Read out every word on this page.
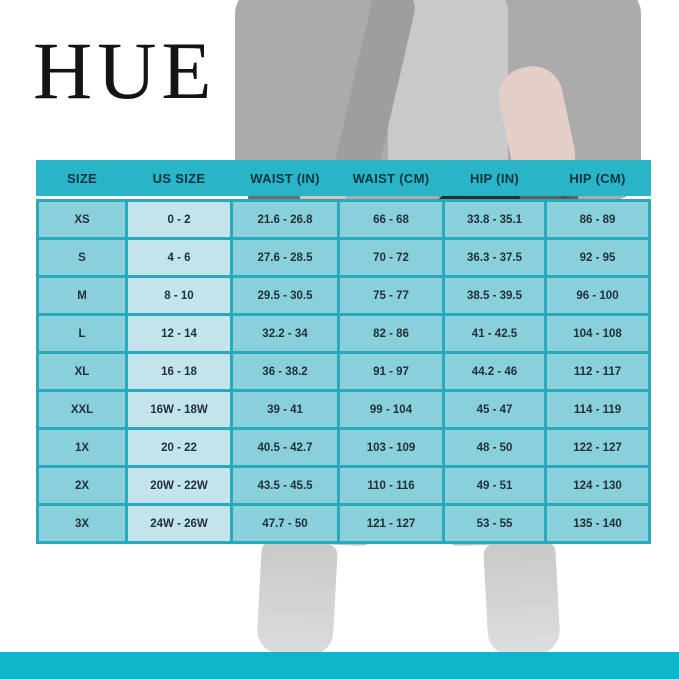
HUE
SIZE	US SIZE	WAIST (IN)	WAIST (CM)	HIP (IN)	HIP (CM)
XS	0 - 2	21.6 - 26.8	66 - 68	33.8 - 35.1	86 - 89
S	4 - 6	27.6 - 28.5	70 - 72	36.3 - 37.5	92 - 95
M	8 - 10	29.5 - 30.5	75 - 77	38.5 - 39.5	96 - 100
L	12 - 14	32.2 - 34	82 - 86	41 - 42.5	104 - 108
XL	16 - 18	36 - 38.2	91 - 97	44.2 - 46	112 - 117
XXL	16W - 18W	39 - 41	99 - 104	45 - 47	114 - 119
1X	20 - 22	40.5 - 42.7	103 - 109	48 - 50	122 - 127
2X	20W - 22W	43.5 - 45.5	110 - 116	49 - 51	124 - 130
3X	24W - 26W	47.7 - 50	121 - 127	53 - 55	135 - 140
